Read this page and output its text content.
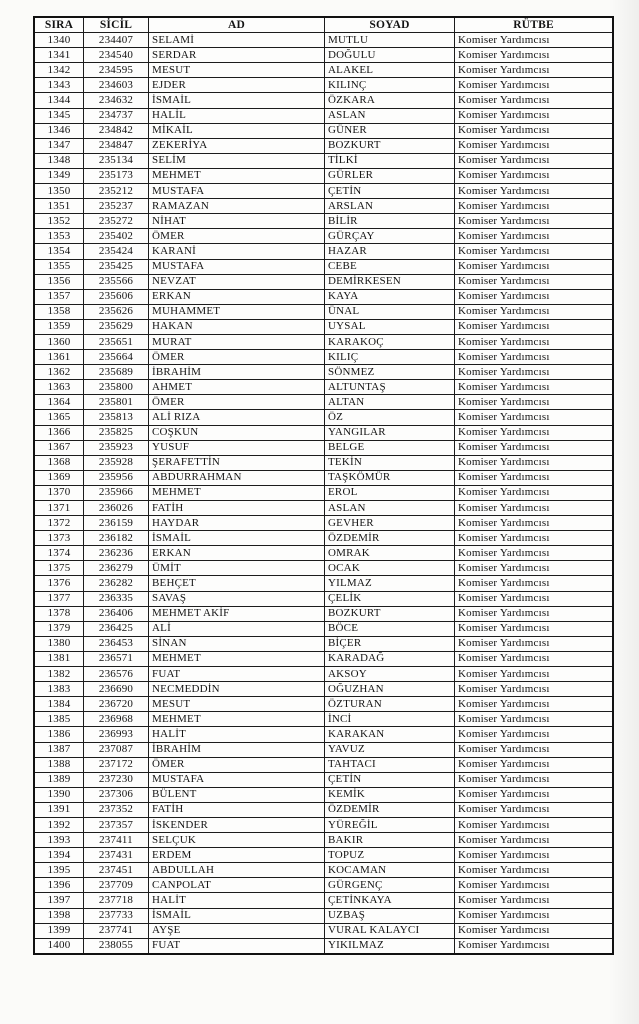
SIRA	SİCİL	AD	SOYAD	RÜTBE
1340	234407	SELAMİ	MUTLU	Komiser Yardımcısı
1341	234540	SERDAR	DOĞULU	Komiser Yardımcısı
1342	234595	MESUT	ALAKEL	Komiser Yardımcısı
1343	234603	EJDER	KILINÇ	Komiser Yardımcısı
1344	234632	İSMAİL	ÖZKARA	Komiser Yardımcısı
1345	234737	HALİL	ASLAN	Komiser Yardımcısı
1346	234842	MİKAİL	GÜNER	Komiser Yardımcısı
1347	234847	ZEKERİYA	BOZKURT	Komiser Yardımcısı
1348	235134	SELİM	TİLKİ	Komiser Yardımcısı
1349	235173	MEHMET	GÜRLER	Komiser Yardımcısı
1350	235212	MUSTAFA	ÇETİN	Komiser Yardımcısı
1351	235237	RAMAZAN	ARSLAN	Komiser Yardımcısı
1352	235272	NİHAT	BİLİR	Komiser Yardımcısı
1353	235402	ÖMER	GÜRÇAY	Komiser Yardımcısı
1354	235424	KARANİ	HAZAR	Komiser Yardımcısı
1355	235425	MUSTAFA	CEBE	Komiser Yardımcısı
1356	235566	NEVZAT	DEMİRKESEN	Komiser Yardımcısı
1357	235606	ERKAN	KAYA	Komiser Yardımcısı
1358	235626	MUHAMMET	ÜNAL	Komiser Yardımcısı
1359	235629	HAKAN	UYSAL	Komiser Yardımcısı
1360	235651	MURAT	KARAKOÇ	Komiser Yardımcısı
1361	235664	ÖMER	KILIÇ	Komiser Yardımcısı
1362	235689	İBRAHİM	SÖNMEZ	Komiser Yardımcısı
1363	235800	AHMET	ALTUNTAŞ	Komiser Yardımcısı
1364	235801	ÖMER	ALTAN	Komiser Yardımcısı
1365	235813	ALİ RIZA	ÖZ	Komiser Yardımcısı
1366	235825	COŞKUN	YANGILAR	Komiser Yardımcısı
1367	235923	YUSUF	BELGE	Komiser Yardımcısı
1368	235928	ŞERAFETTİN	TEKİN	Komiser Yardımcısı
1369	235956	ABDURRAHMAN	TAŞKÖMÜR	Komiser Yardımcısı
1370	235966	MEHMET	EROL	Komiser Yardımcısı
1371	236026	FATİH	ASLAN	Komiser Yardımcısı
1372	236159	HAYDAR	GEVHER	Komiser Yardımcısı
1373	236182	İSMAİL	ÖZDEMİR	Komiser Yardımcısı
1374	236236	ERKAN	OMRAK	Komiser Yardımcısı
1375	236279	ÜMİT	OCAK	Komiser Yardımcısı
1376	236282	BEHÇET	YILMAZ	Komiser Yardımcısı
1377	236335	SAVAŞ	ÇELİK	Komiser Yardımcısı
1378	236406	MEHMET AKİF	BOZKURT	Komiser Yardımcısı
1379	236425	ALİ	BÖCE	Komiser Yardımcısı
1380	236453	SİNAN	BİÇER	Komiser Yardımcısı
1381	236571	MEHMET	KARADAĞ	Komiser Yardımcısı
1382	236576	FUAT	AKSOY	Komiser Yardımcısı
1383	236690	NECMEDDİN	OĞUZHAN	Komiser Yardımcısı
1384	236720	MESUT	ÖZTURAN	Komiser Yardımcısı
1385	236968	MEHMET	İNCİ	Komiser Yardımcısı
1386	236993	HALİT	KARAKAN	Komiser Yardımcısı
1387	237087	İBRAHİM	YAVUZ	Komiser Yardımcısı
1388	237172	ÖMER	TAHTACI	Komiser Yardımcısı
1389	237230	MUSTAFA	ÇETİN	Komiser Yardımcısı
1390	237306	BÜLENT	KEMİK	Komiser Yardımcısı
1391	237352	FATİH	ÖZDEMİR	Komiser Yardımcısı
1392	237357	İSKENDER	YÜREĞİL	Komiser Yardımcısı
1393	237411	SELÇUK	BAKIR	Komiser Yardımcısı
1394	237431	ERDEM	TOPUZ	Komiser Yardımcısı
1395	237451	ABDULLAH	KOCAMAN	Komiser Yardımcısı
1396	237709	CANPOLAT	GÜRGENÇ	Komiser Yardımcısı
1397	237718	HALİT	ÇETİNKAYA	Komiser Yardımcısı
1398	237733	İSMAİL	UZBAŞ	Komiser Yardımcısı
1399	237741	AYŞE	VURAL KALAYCI	Komiser Yardımcısı
1400	238055	FUAT	YIKILMAZ	Komiser Yardımcısı
